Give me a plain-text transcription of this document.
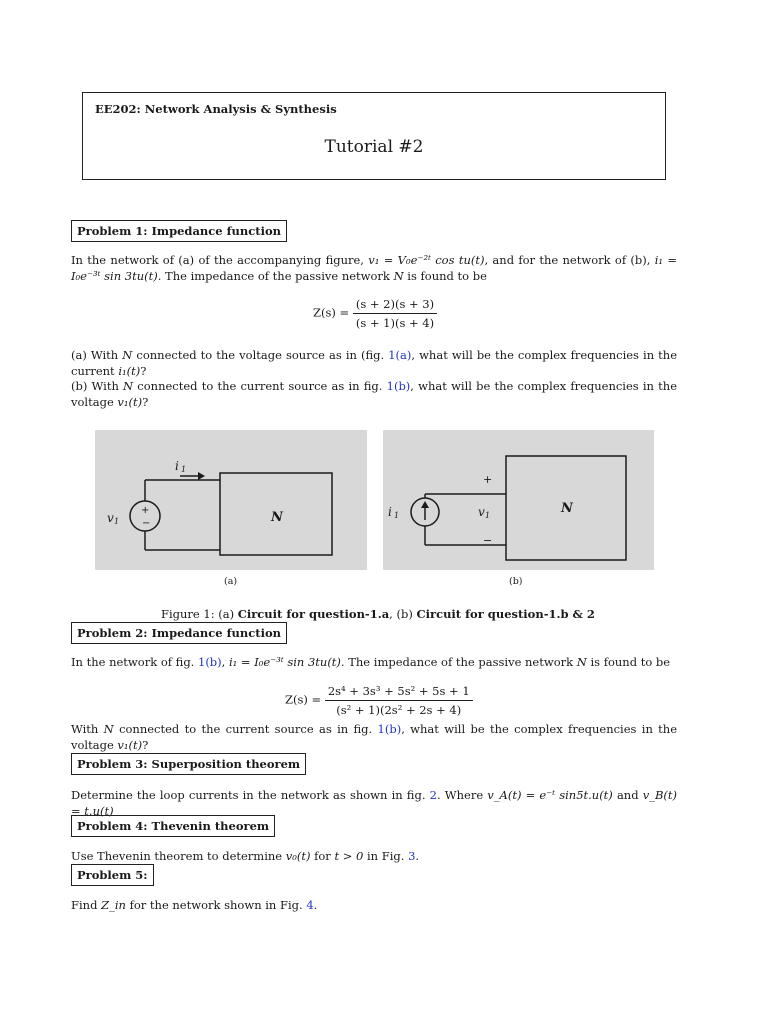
EE202: Network Analysis & Synthesis
Tutorial #2
Problem 1: Impedance function
In the network of (a) of the accompanying figure, v₁ = V₀e⁻²ᵗ cos tu(t), and for the network of (b), i₁ = I₀e⁻³ᵗ sin 3tu(t). The impedance of the passive network N is found to be
$Z(s) = \frac{(s + 2)(s + 3)}{(s + 1)(s + 4)}$
(a) With N connected to the voltage source as in (fig. 1(a), what will be the complex frequencies in the current i₁(t)?
(b) With N connected to the current source as in fig. 1(b), what will be the complex frequencies in the voltage v₁(t)?
i 1
v 1	N
+
−
(a)
i 1	v 1	N
+
−
(b)
Figure 1: (a) Circuit for question-1.a, (b) Circuit for question-1.b & 2
Problem 2: Impedance function
In the network of fig. 1(b), i₁ = I₀e⁻³ᵗ sin 3tu(t). The impedance of the passive network N is found to be
$Z(s) = \frac{\text{2s⁴ + 3s³ + 5s² + 5s + 1}}{\text{(s² + 1)(2s² + 2s + 4)}}$
With N connected to the current source as in fig. 1(b), what will be the complex frequencies in the voltage v₁(t)?
Problem 3: Superposition theorem
Determine the loop currents in the network as shown in fig. 2. Where v_A(t) = e⁻ᵗ sin5t.u(t) and v_B(t) = t.u(t)
Problem 4: Thevenin theorem
Use Thevenin theorem to determine v₀(t) for t > 0 in Fig. 3.
Problem 5:
Find Z_in for the network shown in Fig. 4.
